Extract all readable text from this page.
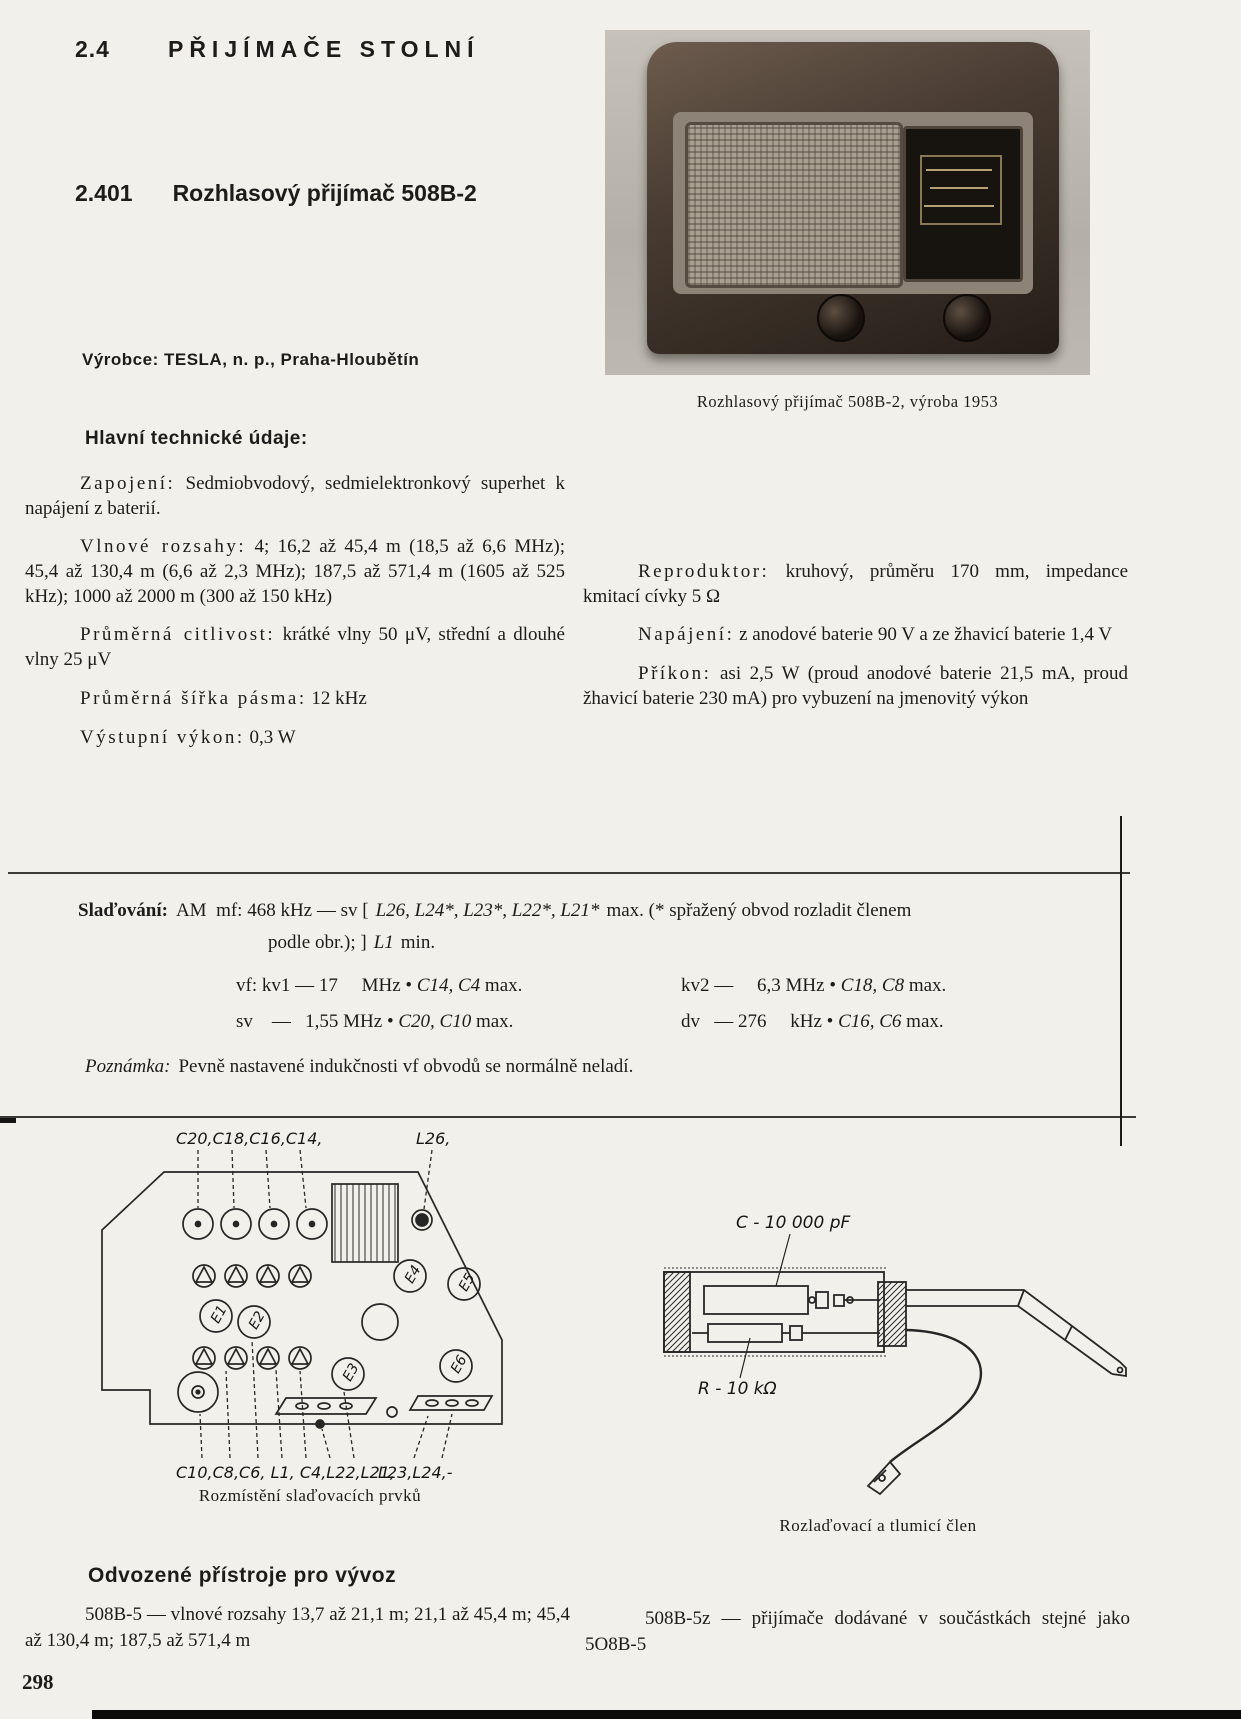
2.4	PŘIJÍMAČE STOLNÍ
2.401 Rozhlasový přijímač 508B-2
Rozhlasový přijímač 508B-2, výroba 1953
Výrobce: TESLA, n. p., Praha-Hloubětín
Hlavní technické údaje:

Zapojení: Sedmiobvodový, sedmielektronkový superhet k napájení z baterií.

Vlnové rozsahy: 4; 16,2 až 45,4 m (18,5 až 6,6 MHz); 45,4 až 130,4 m (6,6 až 2,3 MHz); 187,5 až 571,4 m (1605 až 525 kHz); 1000 až 2000 m (300 až 150 kHz)

Průměrná citlivost: krátké vlny 50 μV, střední a dlouhé vlny 25 μV

Průměrná šířka pásma: 12 kHz

Výstupní výkon: 0,3 W

Reproduktor: kruhový, průměru 170 mm, impedance kmitací cívky 5 Ω

Napájení: z anodové baterie 90 V a ze žhavicí baterie 1,4 V

Příkon: asi 2,5 W (proud anodové baterie 21,5 mA, proud žhavicí baterie 230 mA) pro vybuzení na jmenovitý výkon

Slaďování: AM  mf: 468 kHz — sv [ L26, L24*, L23*, L22*, L21* max. (* spřažený obvod rozladit členem
podle obr.); ] L1 min.
vf: kv1 — 17     MHz • C14, C4 max.	kv2 —     6,3 MHz • C18, C8 max.
sv    —   1,55 MHz • C20, C10 max.	dv   — 276     kHz • C16, C6 max.
Poznámka: Pevně nastavené indukčnosti vf obvodů se normálně neladí.
C20,C18,C16,C14,	L26,
C10,C8,C6, L1, C4,L22,L21,
L23,L24,-
E1 E2
E3
E4 E5
E6
Rozmístění slaďovacích prvků
C - 10 000 pF
R - 10 kΩ
Rozlaďovací a tlumicí člen
Odvozené přístroje pro vývoz
508B-5 — vlnové rozsahy 13,7 až 21,1 m; 21,1 až 45,4 m; 45,4 až 130,4 m; 187,5 až 571,4 m
508B-5z — přijímače dodávané v součástkách stejné jako 5O8B-5
298
